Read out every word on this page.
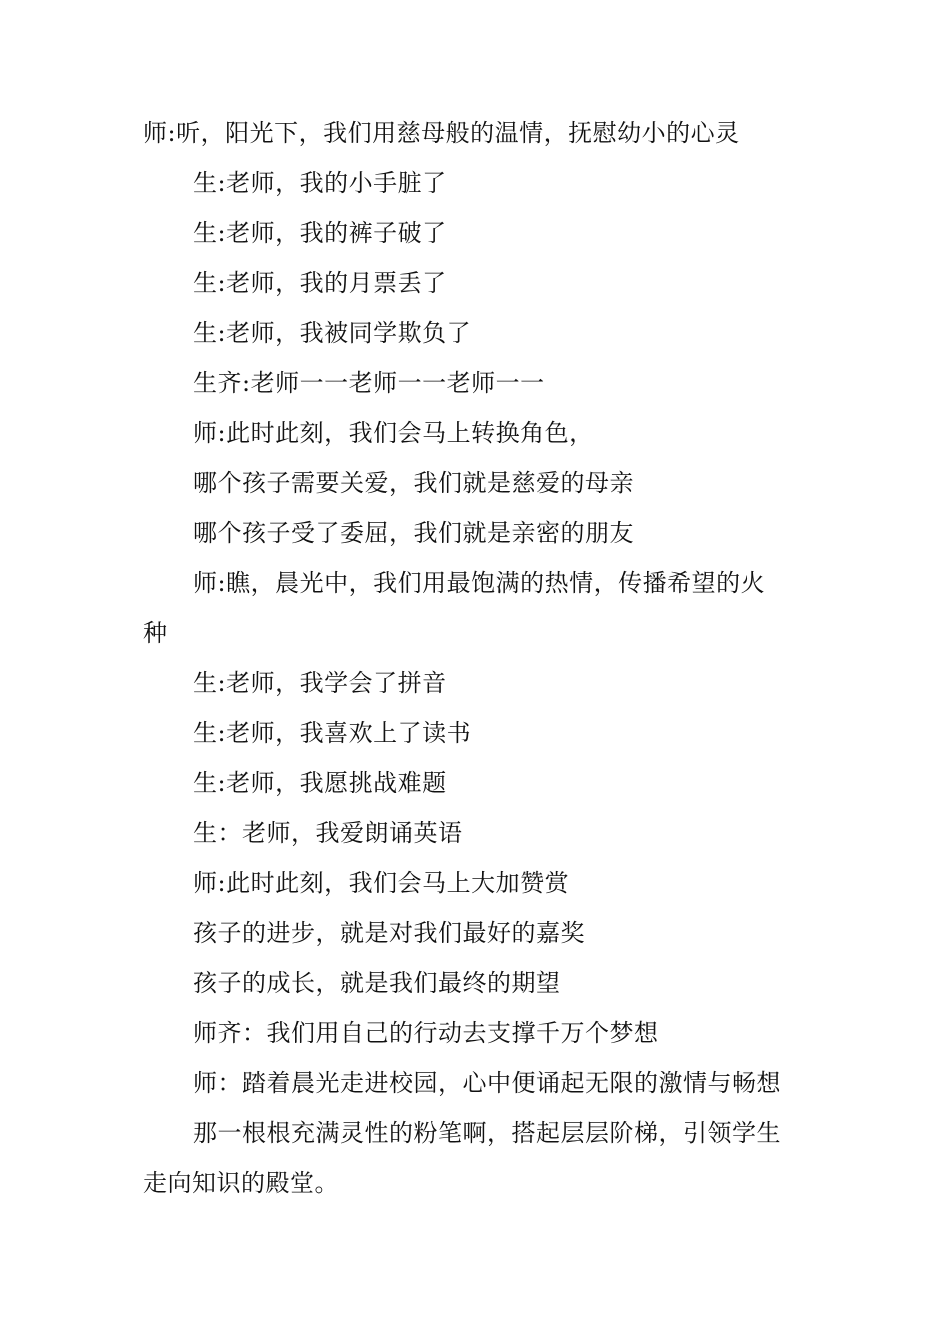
师:听，阳光下，我们用慈母般的温情，抚慰幼小的心灵
生:老师，我的小手脏了
生:老师，我的裤子破了
生:老师，我的月票丢了
生:老师，我被同学欺负了
生齐:老师一一老师一一老师一一
师:此时此刻，我们会马上转换角色，
哪个孩子需要关爱，我们就是慈爱的母亲
哪个孩子受了委屈，我们就是亲密的朋友
师:瞧，晨光中，我们用最饱满的热情，传播希望的火
种
生:老师，我学会了拼音
生:老师，我喜欢上了读书
生:老师，我愿挑战难题
生：老师，我爱朗诵英语
师:此时此刻，我们会马上大加赞赏
孩子的进步，就是对我们最好的嘉奖
孩子的成长，就是我们最终的期望
师齐：我们用自己的行动去支撑千万个梦想
师：踏着晨光走进校园，心中便诵起无限的激情与畅想
那一根根充满灵性的粉笔啊，搭起层层阶梯，引领学生
走向知识的殿堂。
